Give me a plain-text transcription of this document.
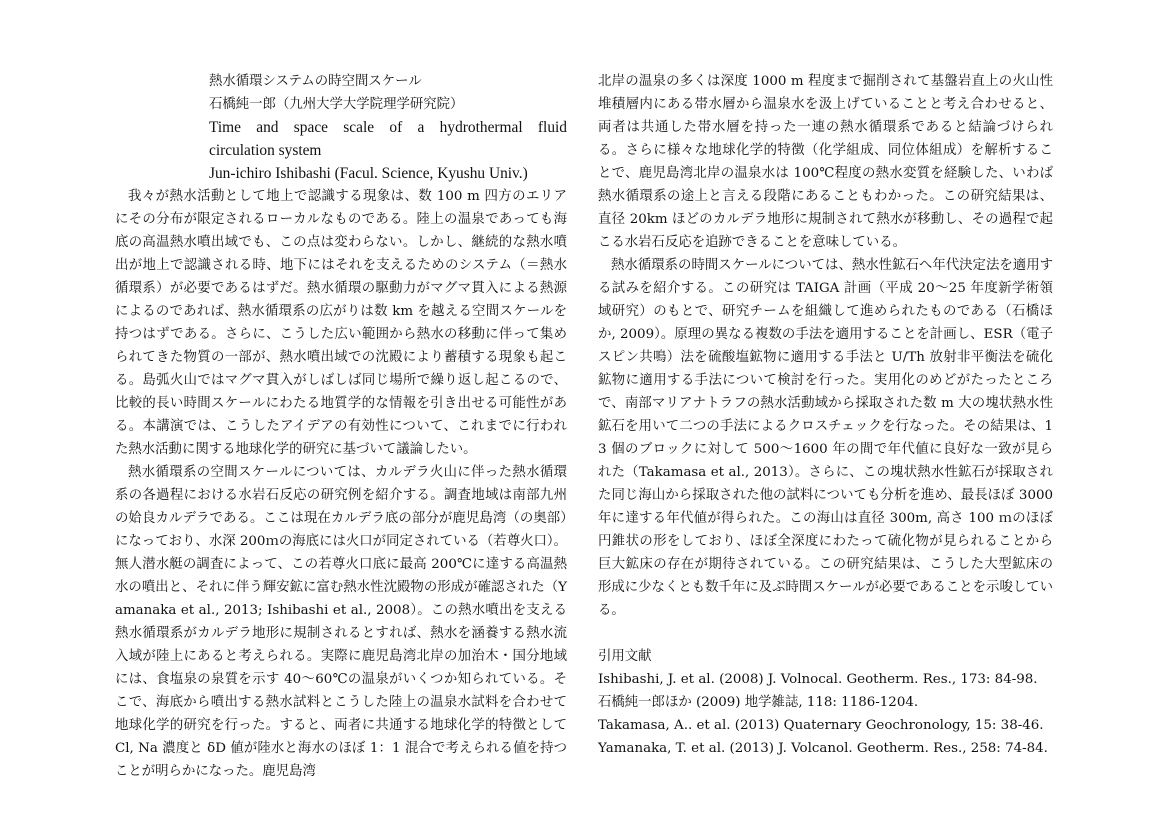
熱水循環システムの時空間スケール
石橋純一郎（九州大学大学院理学研究院）
Time and space scale of a hydrothermal fluid
circulation system
Jun-ichiro Ishibashi (Facul. Science, Kyushu Univ.)

我々が熱水活動として地上で認識する現象は、数 100 m 四方のエリアにその分布が限定されるローカルなものである。陸上の温泉であっても海底の高温熱水噴出域でも、この点は変わらない。しかし、継続的な熱水噴出が地上で認識される時、地下にはそれを支えるためのシステム（＝熱水循環系）が必要であるはずだ。熱水循環の駆動力がマグマ貫入による熱源によるのであれば、熱水循環系の広がりは数 km を越える空間スケールを持つはずである。さらに、こうした広い範囲から熱水の移動に伴って集められてきた物質の一部が、熱水噴出域での沈殿により蓄積する現象も起こる。島弧火山ではマグマ貫入がしばしば同じ場所で繰り返し起こるので、比較的長い時間スケールにわたる地質学的な情報を引き出せる可能性がある。本講演では、こうしたアイデアの有効性について、これまでに行われた熱水活動に関する地球化学的研究に基づいて議論したい。

熱水循環系の空間スケールについては、カルデラ火山に伴った熱水循環系の各過程における水岩石反応の研究例を紹介する。調査地域は南部九州の姶良カルデラである。ここは現在カルデラ底の部分が鹿児島湾（の奥部）になっており、水深 200ｍの海底には火口が同定されている（若尊火口）。無人潜水艇の調査によって、この若尊火口底に最高 200℃に達する高温熱水の噴出と、それに伴う輝安鉱に富む熱水性沈殿物の形成が確認された（Yamanaka et al., 2013; Ishibashi et al., 2008）。この熱水噴出を支える熱水循環系がカルデラ地形に規制されるとすれば、熱水を涵養する熱水流入域が陸上にあると考えられる。実際に鹿児島湾北岸の加治木・国分地域には、食塩泉の泉質を示す 40〜60℃の温泉がいくつか知られている。そこで、海底から噴出する熱水試料とこうした陸上の温泉水試料を合わせて地球化学的研究を行った。すると、両者に共通する地球化学的特徴として Cl, Na 濃度と δD 値が陸水と海水のほぼ 1：1 混合で考えられる値を持つことが明らかになった。鹿児島湾

北岸の温泉の多くは深度 1000 m 程度まで掘削されて基盤岩直上の火山性堆積層内にある帯水層から温泉水を汲上げていることと考え合わせると、両者は共通した帯水層を持った一連の熱水循環系であると結論づけられる。さらに様々な地球化学的特徴（化学組成、同位体組成）を解析することで、鹿児島湾北岸の温泉水は 100℃程度の熱水変質を経験した、いわば熱水循環系の途上と言える段階にあることもわかった。この研究結果は、直径 20km ほどのカルデラ地形に規制されて熱水が移動し、その過程で起こる水岩石反応を追跡できることを意味している。

熱水循環系の時間スケールについては、熱水性鉱石へ年代決定法を適用する試みを紹介する。この研究は TAIGA 計画（平成 20〜25 年度新学術領域研究）のもとで、研究チームを組織して進められたものである（石橋ほか, 2009）。原理の異なる複数の手法を適用することを計画し、ESR（電子スピン共鳴）法を硫酸塩鉱物に適用する手法と U/Th 放射非平衡法を硫化鉱物に適用する手法について検討を行った。実用化のめどがたったところで、南部マリアナトラフの熱水活動域から採取された数 m 大の塊状熱水性鉱石を用いて二つの手法によるクロスチェックを行なった。その結果は、13 個のブロックに対して 500〜1600 年の間で年代値に良好な一致が見られた（Takamasa et al., 2013）。さらに、この塊状熱水性鉱石が採取された同じ海山から採取された他の試料についても分析を進め、最長ほぼ 3000 年に達する年代値が得られた。この海山は直径 300m, 高さ 100 ｍのほぼ円錐状の形をしており、ほぼ全深度にわたって硫化物が見られることから巨大鉱床の存在が期待されている。この研究結果は、こうした大型鉱床の形成に少なくとも数千年に及ぶ時間スケールが必要であることを示唆している。

引用文献
Ishibashi, J. et al. (2008) J. Volnocal. Geotherm. Res., 173: 84-98.
石橋純一郎ほか (2009) 地学雑誌, 118: 1186-1204.
Takamasa, A.. et al. (2013) Quaternary Geochronology, 15: 38-46.
Yamanaka, T. et al. (2013) J. Volcanol. Geotherm. Res., 258: 74-84.
